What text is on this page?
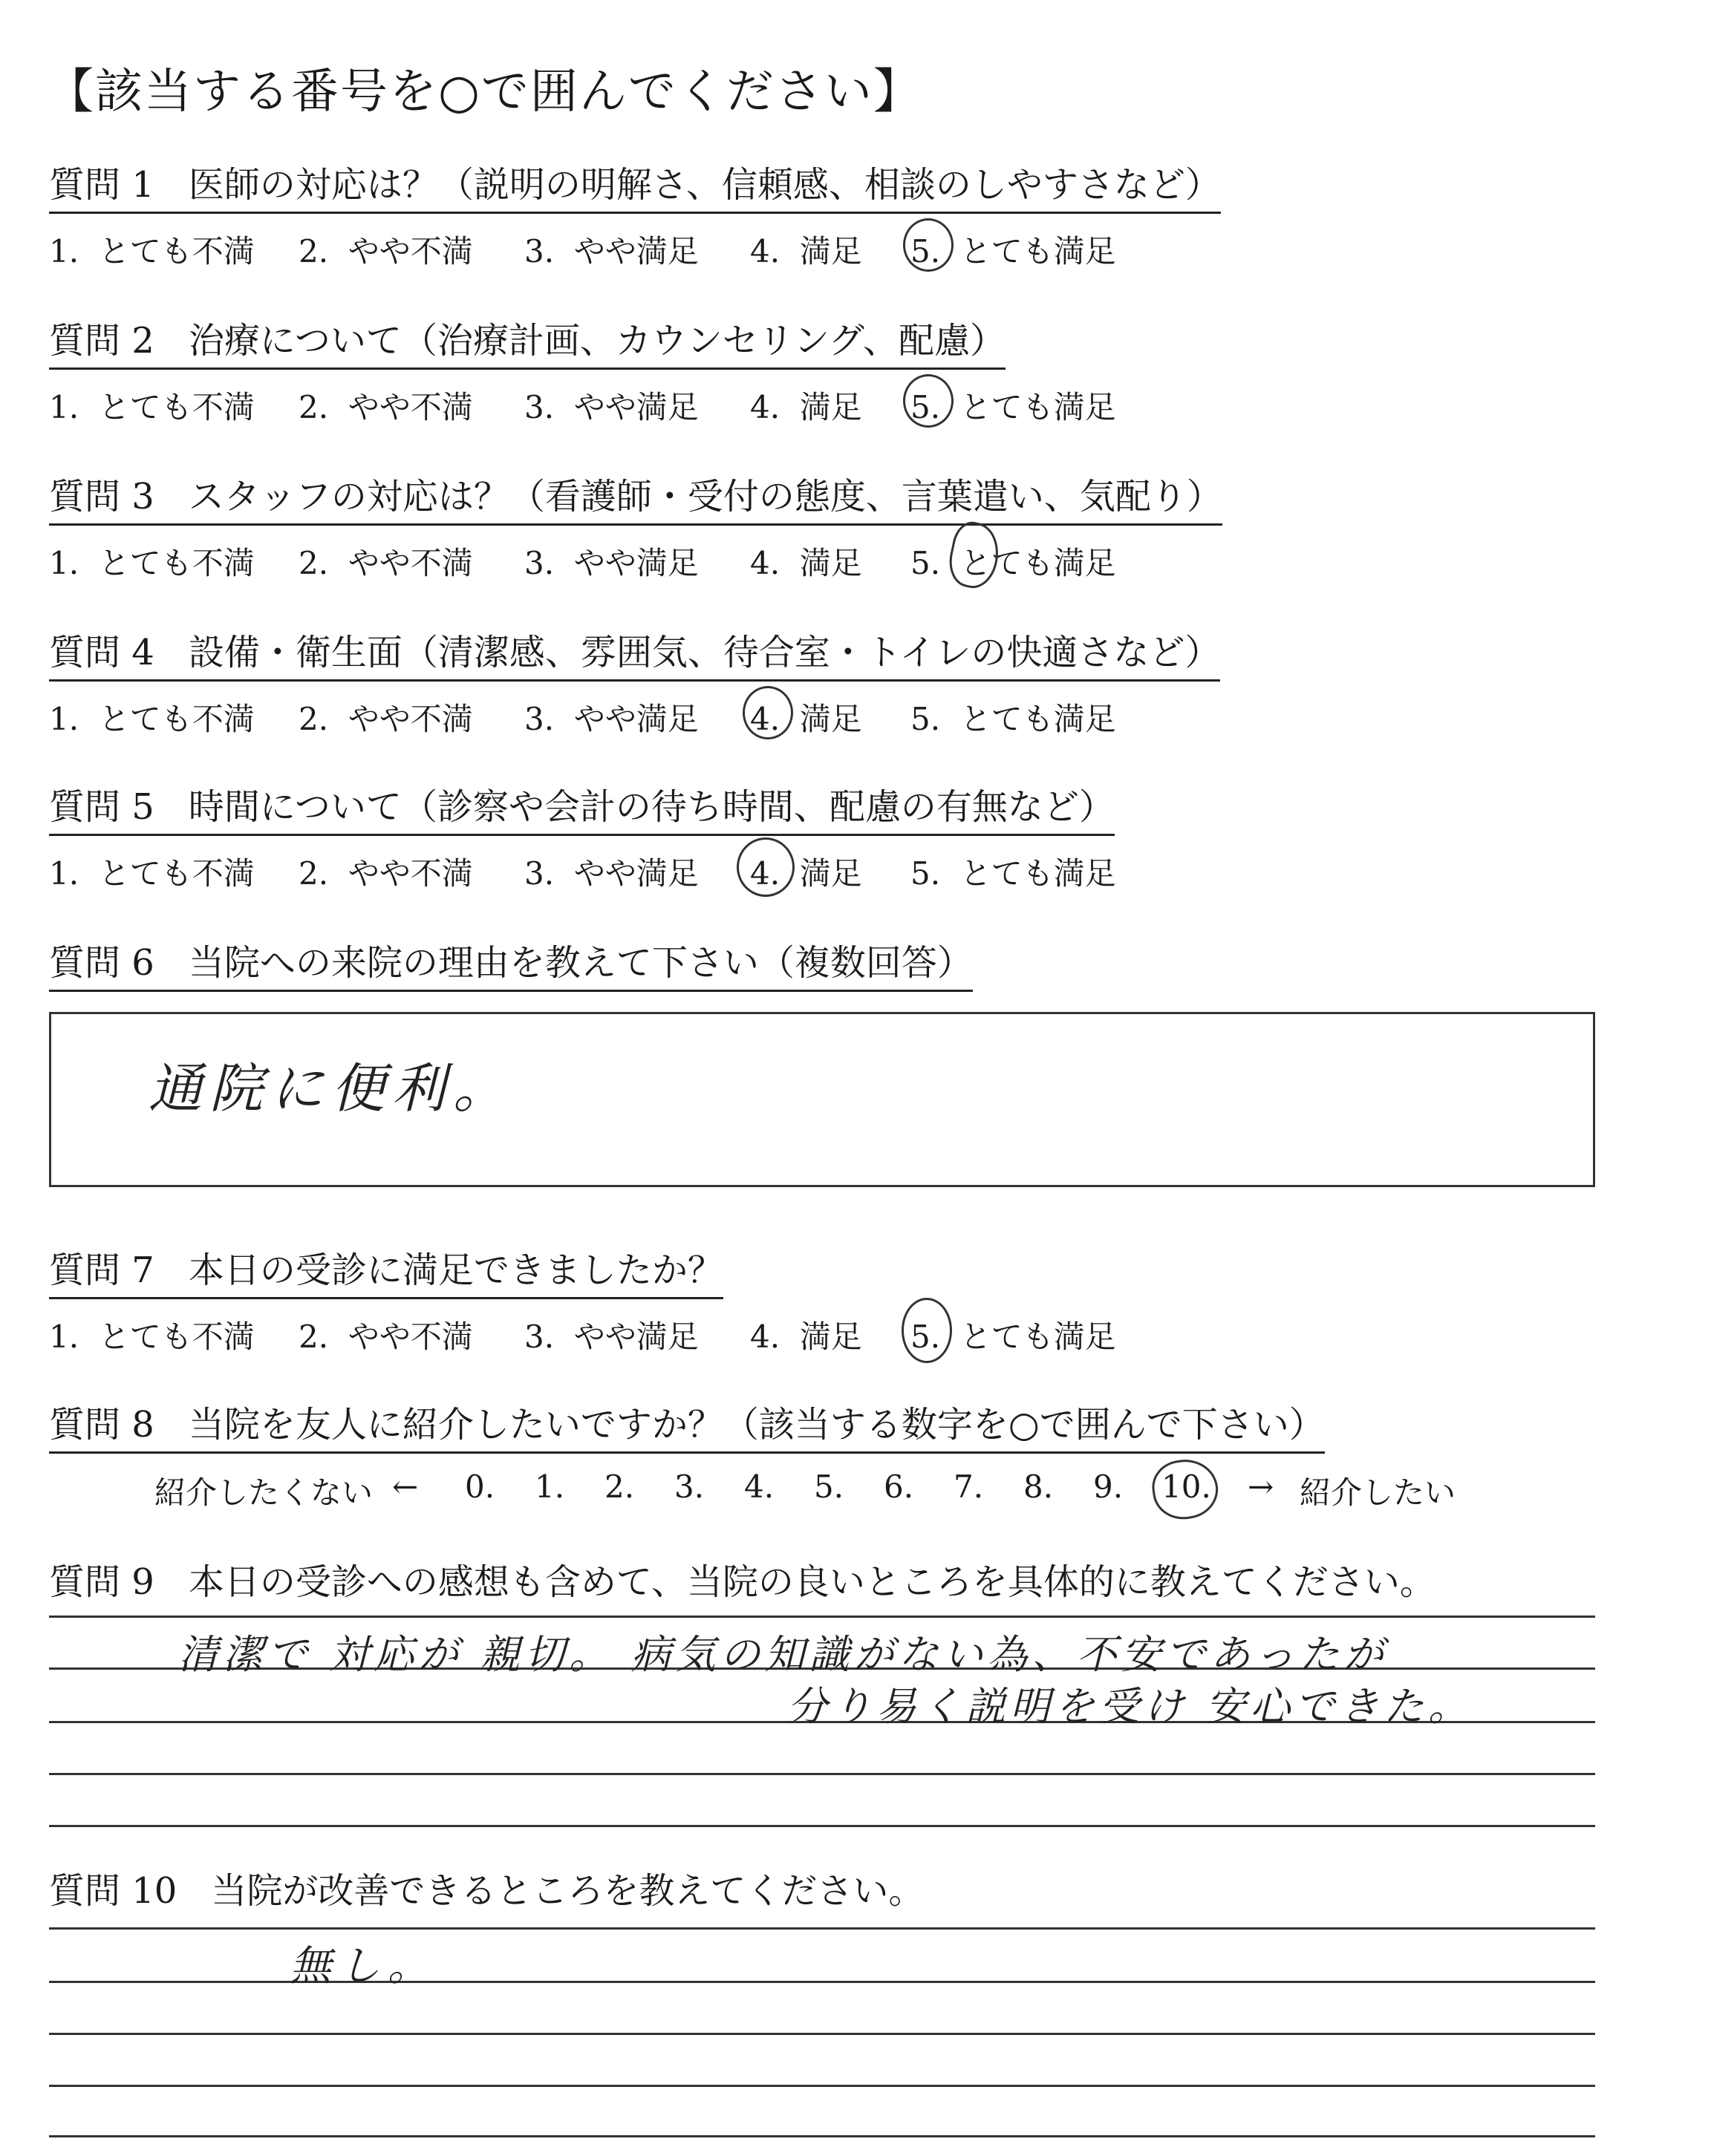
【該当する番号を○で囲んでください】
質問 1 医師の対応は？（説明の明解さ、信頼感、相談のしやすさなど）
1. とても不満 2. やや不満 3. やや満足 4. 満足 5. とても満足
質問 2 治療について（治療計画、カウンセリング、配慮）
1. とても不満 2. やや不満 3. やや満足 4. 満足 5. とても満足
質問 3 スタッフの対応は？（看護師・受付の態度、言葉遣い、気配り）
1. とても不満 2. やや不満 3. やや満足 4. 満足 5. とても満足
質問 4 設備・衛生面（清潔感、雰囲気、待合室・トイレの快適さなど）
1. とても不満 2. やや不満 3. やや満足 4. 満足 5. とても満足
質問 5 時間について（診察や会計の待ち時間、配慮の有無など）
1. とても不満 2. やや不満 3. やや満足 4. 満足 5. とても満足
質問 6 当院への来院の理由を教えて下さい（複数回答）
通院に便利。
質問 7 本日の受診に満足できましたか？
1. とても不満 2. やや不満 3. やや満足 4. 満足 5. とても満足
質問 8 当院を友人に紹介したいですか？（該当する数字を○で囲んで下さい）
紹介したくない ← 0. 1. 2. 3. 4. 5. 6. 7. 8. 9. 10. → 紹介したい
質問 9 本日の受診への感想も含めて、当院の良いところを具体的に教えてください。
清潔で 対応が 親切。 病気の知識がない為、不安であったが
分り易く説明を受け 安心できた。
質問 10 当院が改善できるところを教えてください。
無し。
